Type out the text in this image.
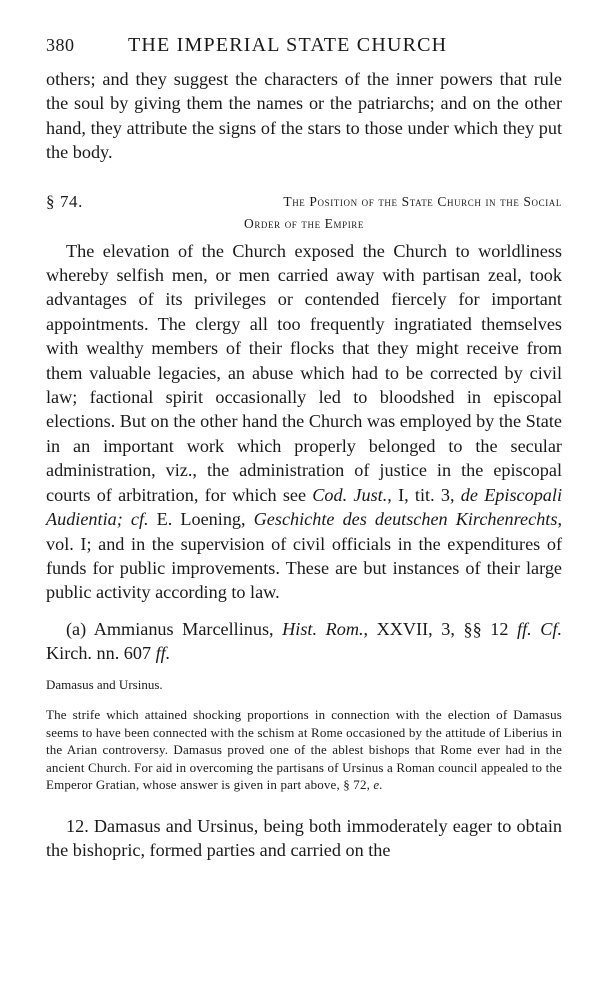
380	THE IMPERIAL STATE CHURCH

others; and they suggest the characters of the inner powers that rule the soul by giving them the names or the patriarchs; and on the other hand, they attribute the signs of the stars to those under which they put the body.

§ 74.	The Position of the State Church in the Social
Order of the Empire

The elevation of the Church exposed the Church to worldliness whereby selfish men, or men carried away with partisan zeal, took advantages of its privileges or contended fiercely for important appointments. The clergy all too frequently ingratiated themselves with wealthy members of their flocks that they might receive from them valuable legacies, an abuse which had to be corrected by civil law; factional spirit occasionally led to bloodshed in episcopal elections. But on the other hand the Church was employed by the State in an important work which properly belonged to the secular administration, viz., the administration of justice in the episcopal courts of arbitration, for which see Cod. Just., I, tit. 3, de Episcopali Audientia; cf. E. Loening, Geschichte des deutschen Kirchenrechts, vol. I; and in the supervision of civil officials in the expenditures of funds for public improvements. These are but instances of their large public activity according to law.

(a) Ammianus Marcellinus, Hist. Rom., XXVII, 3, §§ 12 ff. Cf. Kirch. nn. 607 ff.

Damasus and Ursinus.

The strife which attained shocking proportions in connection with the election of Damasus seems to have been connected with the schism at Rome occasioned by the attitude of Liberius in the Arian controversy. Damasus proved one of the ablest bishops that Rome ever had in the ancient Church. For aid in overcoming the partisans of Ursinus a Roman council appealed to the Emperor Gratian, whose answer is given in part above, § 72, e.

12. Damasus and Ursinus, being both immoderately eager to obtain the bishopric, formed parties and carried on the
